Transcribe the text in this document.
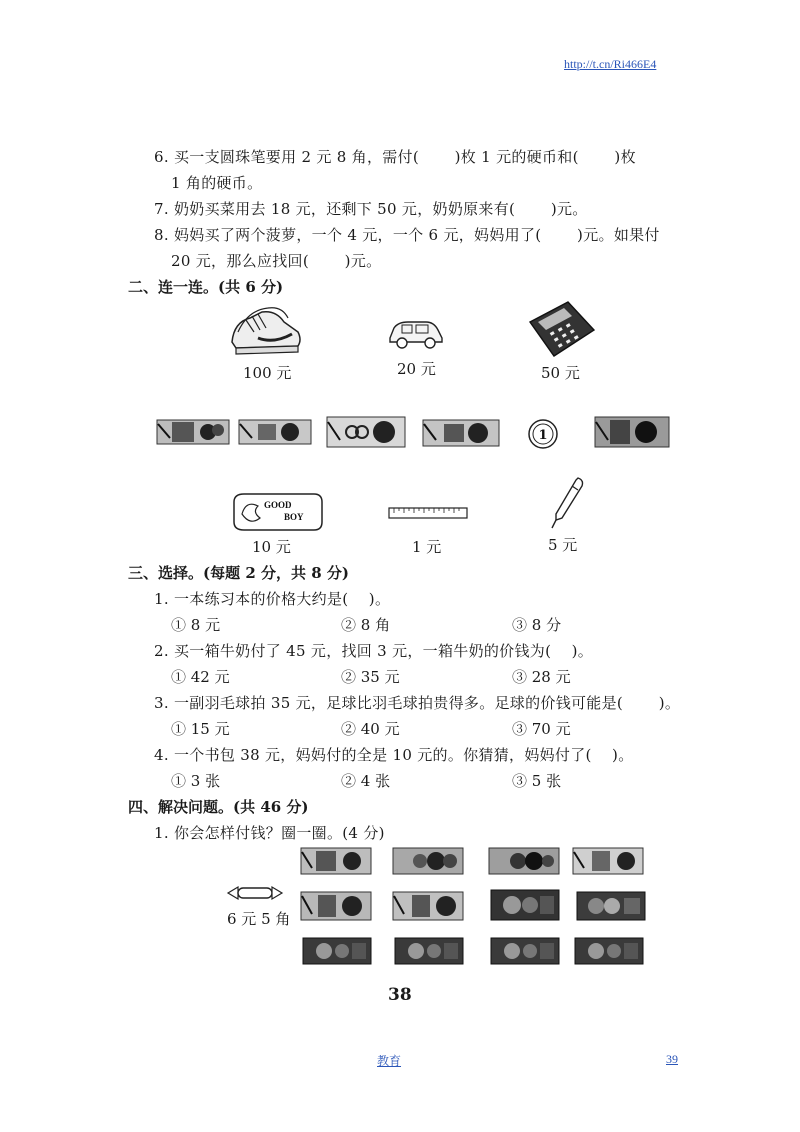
http://t.cn/Ri466E4
6. 买一支圆珠笔要用 2 元 8 角，需付(　　 )枚 1 元的硬币和(　　 )枚
1 角的硬币。
7. 奶奶买菜用去 18 元，还剩下 50 元，奶奶原来有(　　 )元。
8. 妈妈买了两个菠萝，一个 4 元，一个 6 元，妈妈用了(　　 )元。如果付
20 元，那么应找回(　　 )元。
二、连一连。(共 6 分)
100 元	20 元	50 元
1
GOOD
BOY
10 元	1 元	5 元
三、选择。(每题 2 分，共 8 分)
1. 一本练习本的价格大约是(　 )。
① 8 元	② 8 角	③ 8 分
2. 买一箱牛奶付了 45 元，找回 3 元，一箱牛奶的价钱为(　 )。
① 42 元	② 35 元	③ 28 元
3. 一副羽毛球拍 35 元，足球比羽毛球拍贵得多。足球的价钱可能是(　　 )。
① 15 元	② 40 元	③ 70 元
4. 一个书包 38 元，妈妈付的全是 10 元的。你猜猜，妈妈付了(　 )。
① 3 张	② 4 张	③ 5 张
四、解决问题。(共 46 分)
1. 你会怎样付钱？圈一圈。(4 分)
6 元 5 角
38
教育	39
